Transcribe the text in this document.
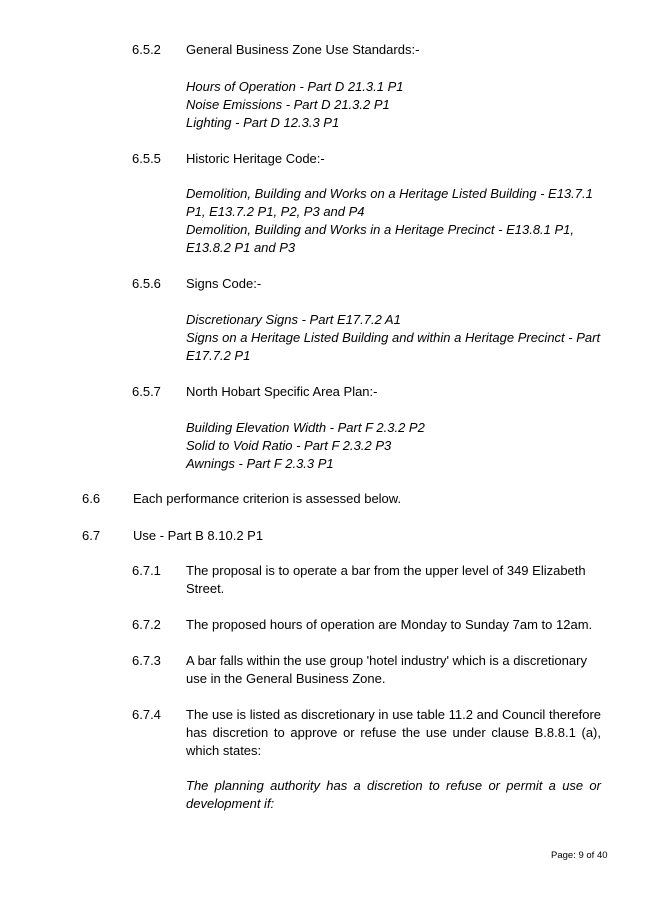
6.5.2 General Business Zone Use Standards:-
Hours of Operation - Part D 21.3.1 P1
Noise Emissions - Part D 21.3.2 P1
Lighting - Part D 12.3.3 P1
6.5.5 Historic Heritage Code:-
Demolition, Building and Works on a Heritage Listed Building - E13.7.1 P1, E13.7.2 P1, P2, P3 and P4
Demolition, Building and Works in a Heritage Precinct - E13.8.1 P1, E13.8.2 P1 and P3
6.5.6 Signs Code:-
Discretionary Signs - Part E17.7.2 A1
Signs on a Heritage Listed Building and within a Heritage Precinct - Part E17.7.2 P1
6.5.7 North Hobart Specific Area Plan:-
Building Elevation Width - Part F 2.3.2 P2
Solid to Void Ratio - Part F 2.3.2 P3
Awnings - Part F 2.3.3 P1
6.6	Each performance criterion is assessed below.
6.7	Use - Part B 8.10.2 P1
6.7.1 The proposal is to operate a bar from the upper level of 349 Elizabeth Street.
6.7.2 The proposed hours of operation are Monday to Sunday 7am to 12am.
6.7.3 A bar falls within the use group 'hotel industry' which is a discretionary use in the General Business Zone.
6.7.4 The use is listed as discretionary in use table 11.2 and Council therefore has discretion to approve or refuse the use under clause B.8.8.1 (a), which states:
The planning authority has a discretion to refuse or permit a use or development if:
Page: 9 of 40
